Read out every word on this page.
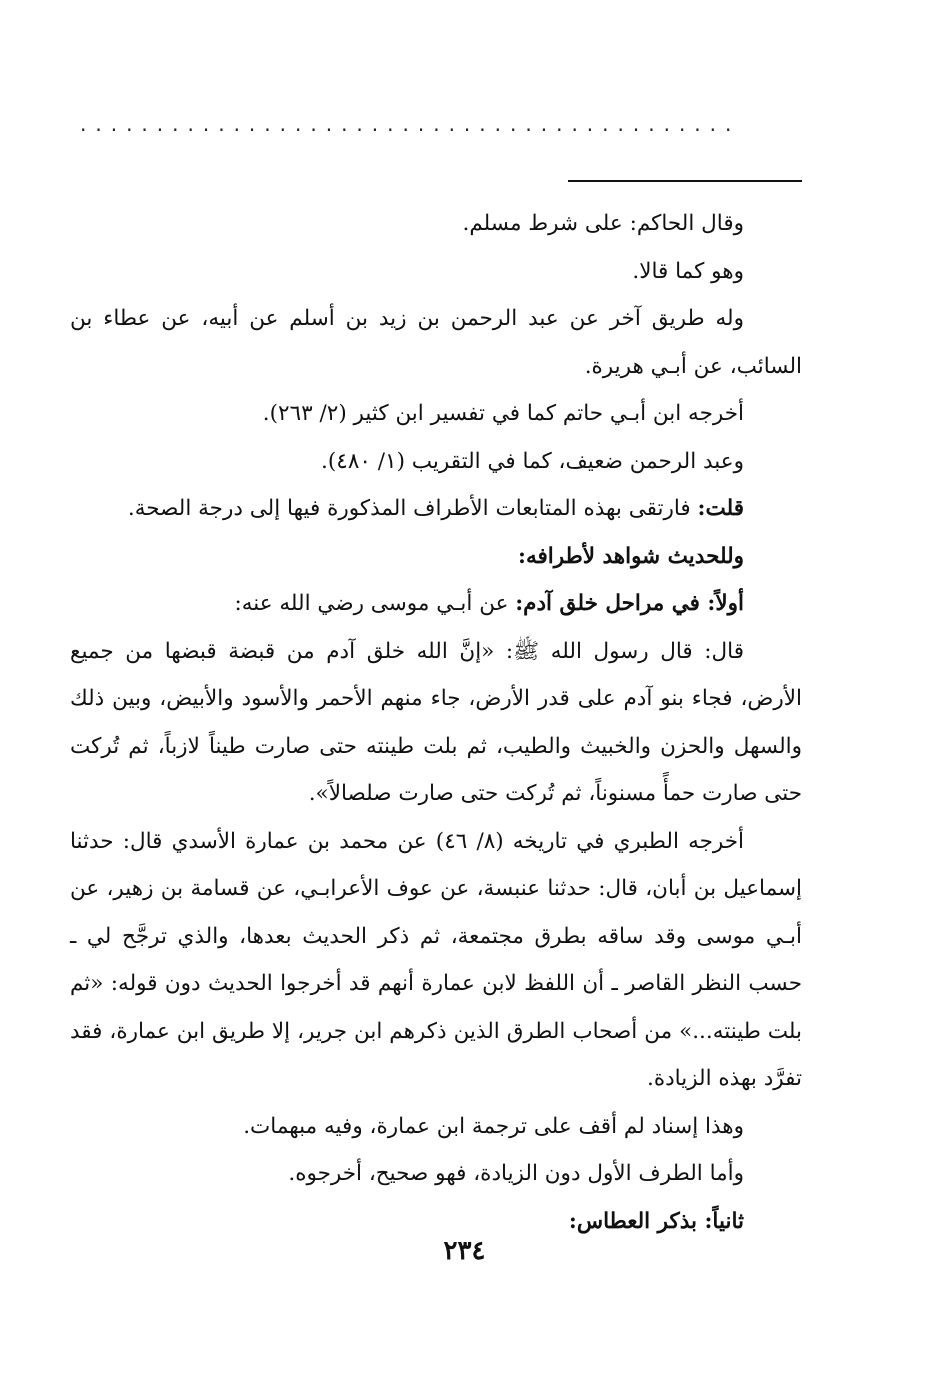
...........................................

وقال الحاكم: على شرط مسلم.

وهو كما قالا.

وله طريق آخر عن عبد الرحمن بن زيد بن أسلم عن أبيه، عن عطاء بن السائب، عن أبـي هريرة.

أخرجه ابن أبـي حاتم كما في تفسير ابن كثير (٢/ ٢٦٣).

وعبد الرحمن ضعيف، كما في التقريب (١/ ٤٨٠).

قلت: فارتقى بهذه المتابعات الأطراف المذكورة فيها إلى درجة الصحة.

وللحديث شواهد لأطرافه:

أولاً: في مراحل خلق آدم: عن أبـي موسى رضي الله عنه:

قال: قال رسول الله ﷺ: «إنَّ الله خلق آدم من قبضة قبضها من جميع الأرض، فجاء بنو آدم على قدر الأرض، جاء منهم الأحمر والأسود والأبيض، وبين ذلك والسهل والحزن والخبيث والطيب، ثم بلت طينته حتى صارت طيناً لازباً، ثم تُركت حتى صارت حمأً مسنوناً، ثم تُركت حتى صارت صلصالاً».

أخرجه الطبري في تاريخه (٨/ ٤٦) عن محمد بن عمارة الأسدي قال: حدثنا إسماعيل بن أبان، قال: حدثنا عنبسة، عن عوف الأعرابـي، عن قسامة بن زهير، عن أبـي موسى وقد ساقه بطرق مجتمعة، ثم ذكر الحديث بعدها، والذي ترجَّح لي ـ حسب النظر القاصر ـ أن اللفظ لابن عمارة أنهم قد أخرجوا الحديث دون قوله: «ثم بلت طينته...» من أصحاب الطرق الذين ذكرهم ابن جرير، إلا طريق ابن عمارة، فقد تفرَّد بهذه الزيادة.

وهذا إسناد لم أقف على ترجمة ابن عمارة، وفيه مبهمات.

وأما الطرف الأول دون الزيادة، فهو صحيح، أخرجوه.

ثانياً: بذكر العطاس:

٢٣٤
